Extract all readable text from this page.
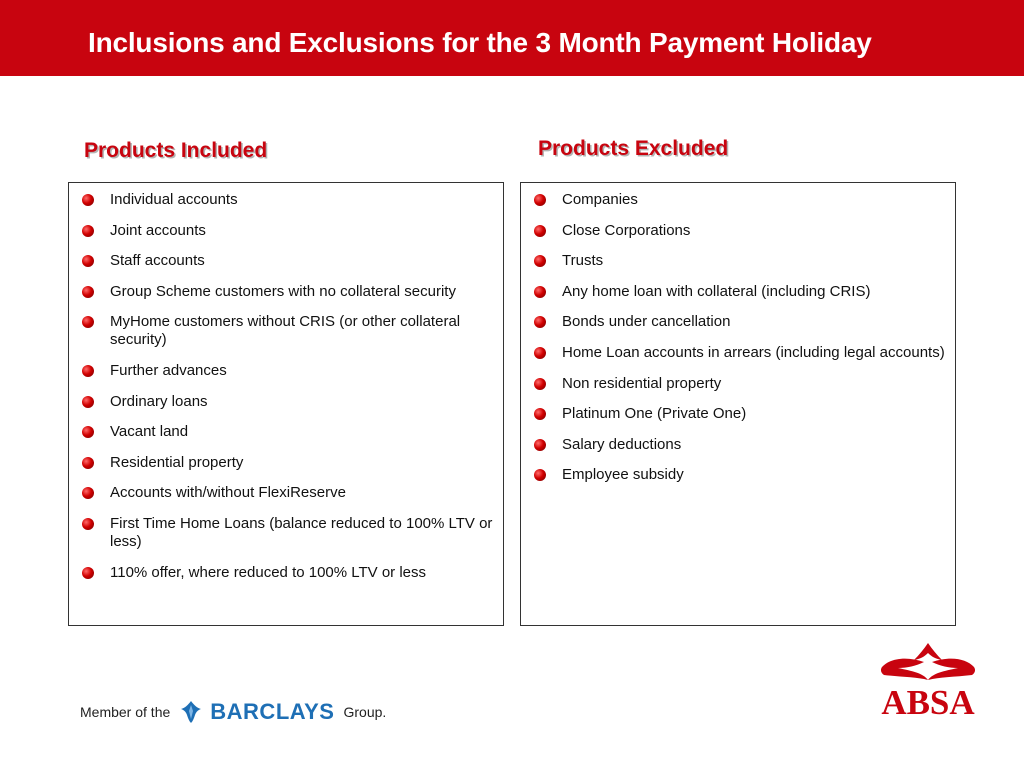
Inclusions and Exclusions for the 3 Month Payment Holiday
Products Included	Products Excluded
Individual accounts
Joint accounts
Staff accounts
Group Scheme customers with no collateral security
MyHome customers without CRIS (or other collateral security)
Further advances
Ordinary loans
Vacant land
Residential property
Accounts with/without FlexiReserve
First Time Home Loans (balance reduced to 100% LTV or less)
110% offer, where reduced to 100% LTV or less
Companies
Close Corporations
Trusts
Any home loan with collateral (including CRIS)
Bonds under cancellation
Home Loan accounts in arrears (including legal accounts)
Non residential property
Platinum One (Private One)
Salary deductions
Employee subsidy
Member of the BARCLAYS Group.	ABSA
